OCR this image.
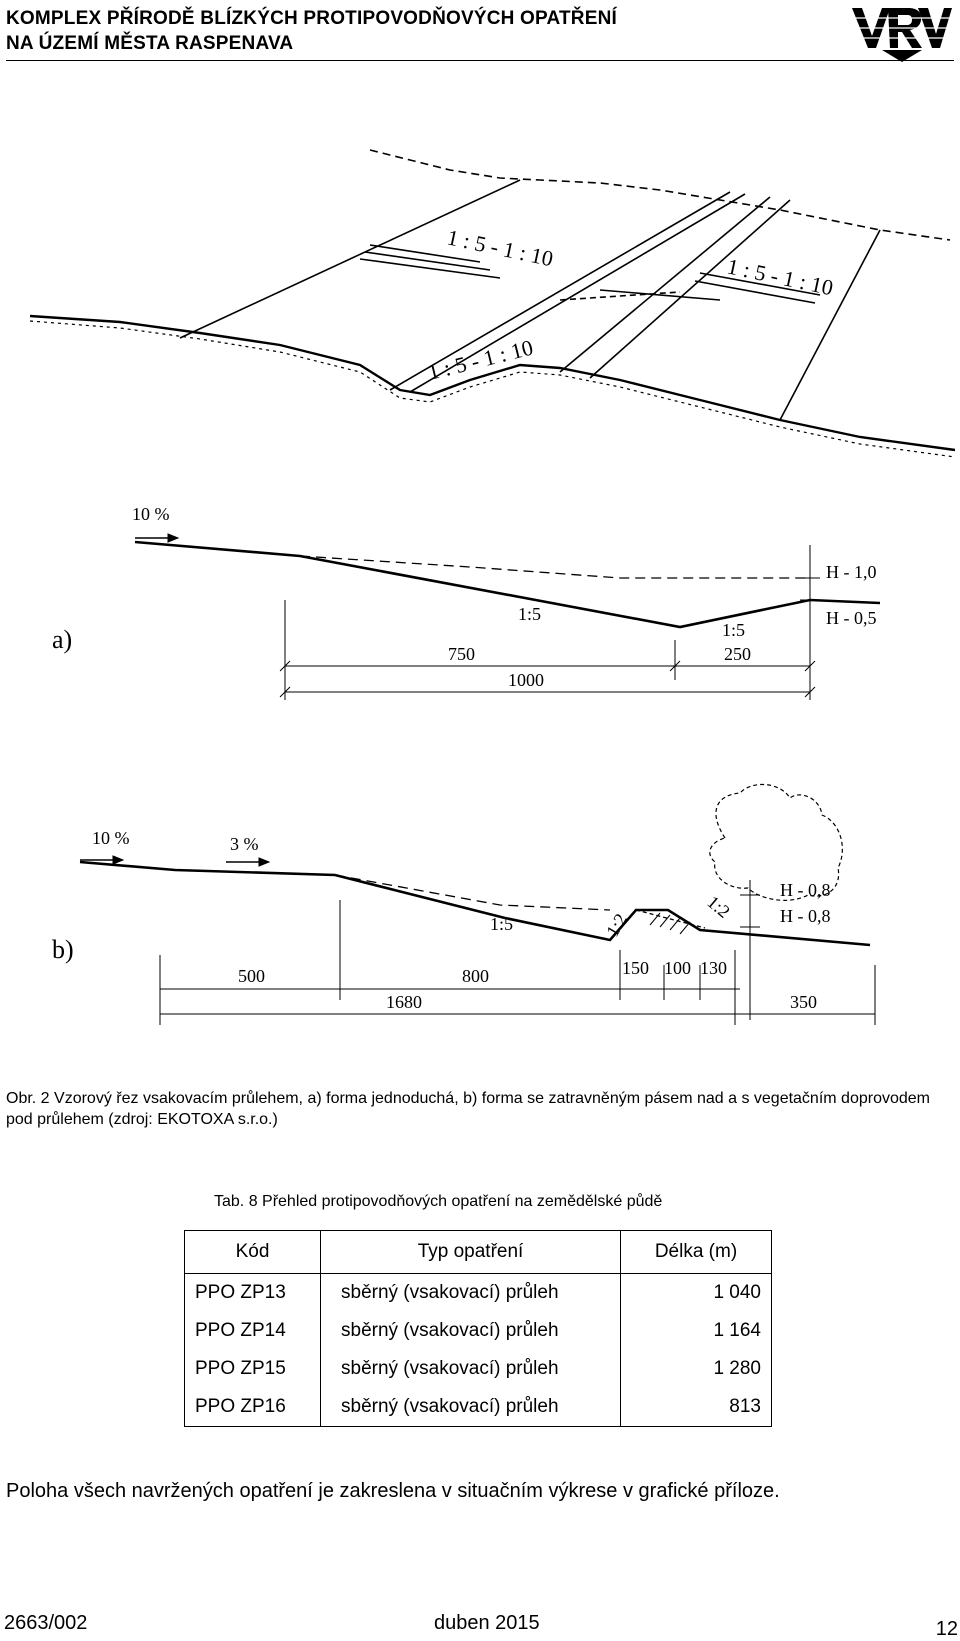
KOMPLEX PŘÍRODĚ BLÍZKÝCH PROTIPOVODŇOVÝCH OPATŘENÍ
NA ÚZEMÍ MĚSTA RASPENAVA
1 : 5 - 1 : 10
1 : 5 - 1 : 10
1 : 5 - 1 : 10
a)
10 %
1:5
1:5
H - 1,0
H - 0,5
750	250
1000
b)
10 %	3 %
1:5	1:2
1:2
H - 0,8
H - 0,8
500	800	150 100 130
1680	350
Obr. 2 Vzorový řez vsakovacím průlehem, a) forma jednoduchá, b) forma se zatravněným pásem nad a s vegetačním doprovodem pod průlehem (zdroj: EKOTOXA s.r.o.)
Tab. 8 Přehled protipovodňových opatření na zemědělské půdě
Kód	Typ opatření	Délka (m)
PPO ZP13	sběrný (vsakovací) průleh	1 040
PPO ZP14	sběrný (vsakovací) průleh	1 164
PPO ZP15	sběrný (vsakovací) průleh	1 280
PPO ZP16	sběrný (vsakovací) průleh	813
Poloha všech navržených opatření je zakreslena v situačním výkrese v grafické příloze.
2663/002	duben 2015	12
